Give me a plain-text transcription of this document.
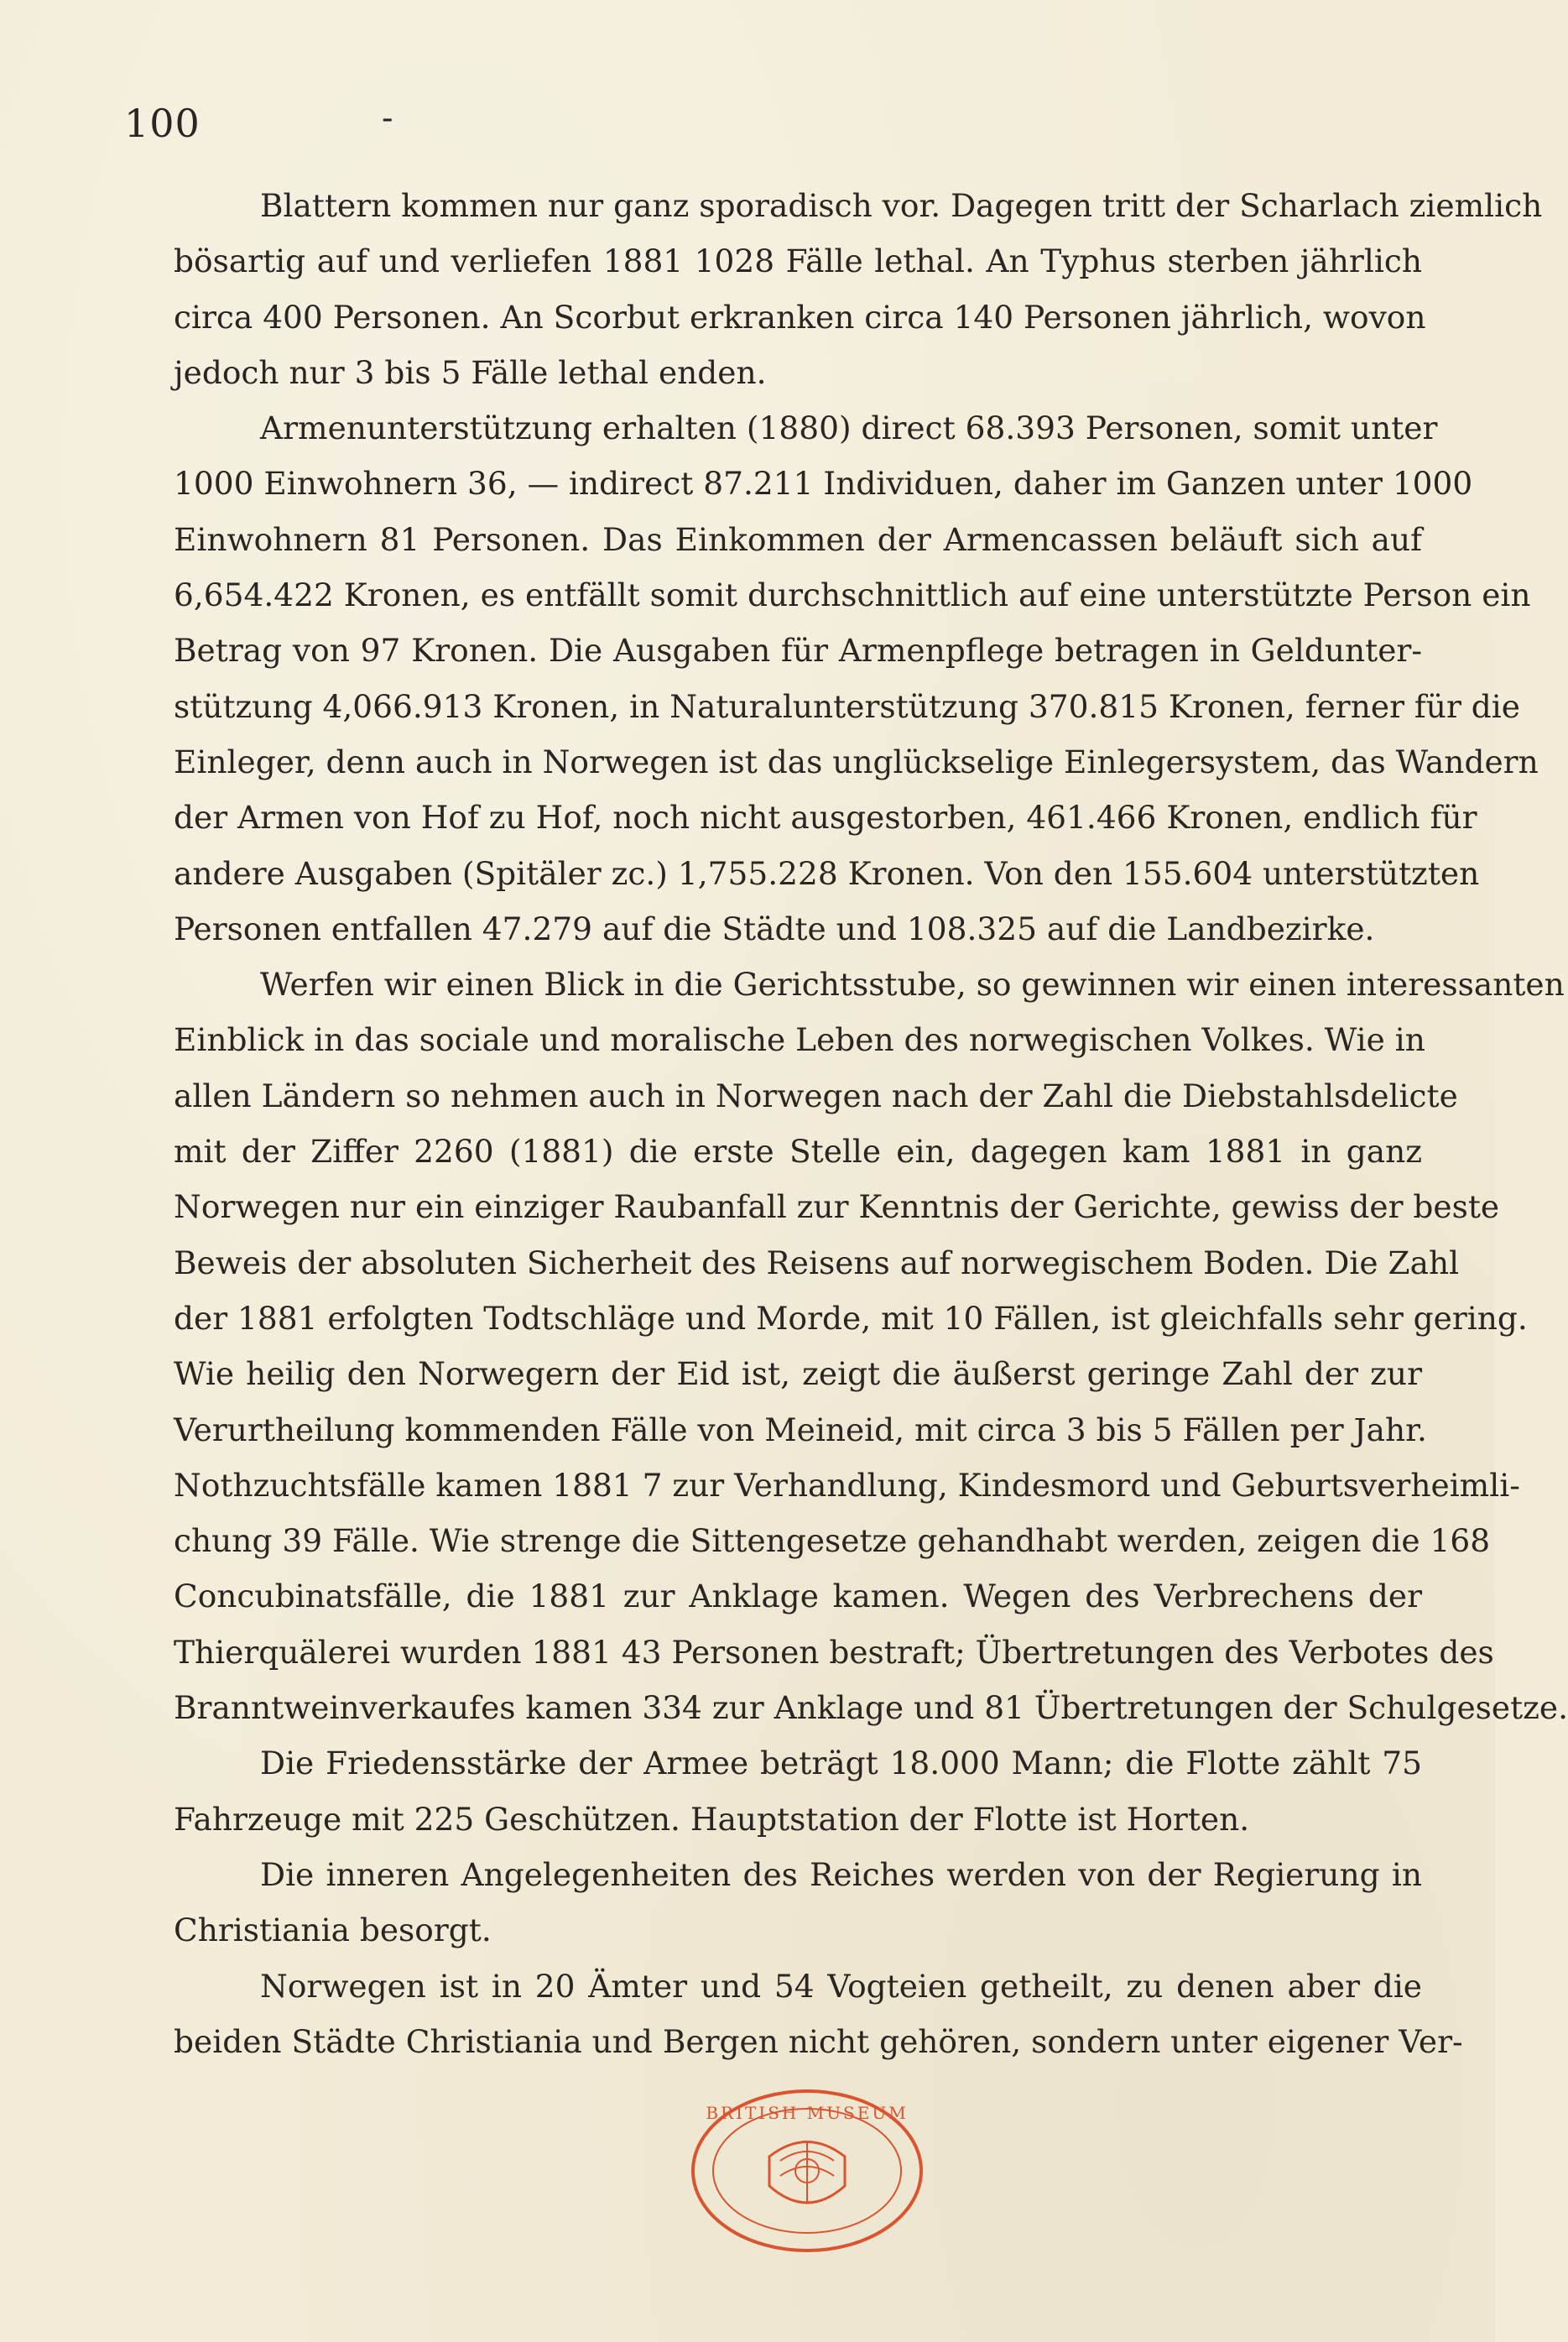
100	-
Blattern kommen nur ganz sporadisch vor. Dagegen tritt der Scharlach ziemlich
bösartig auf und verliefen 1881 1028 Fälle lethal. An Typhus sterben jährlich
circa 400 Personen. An Scorbut erkranken circa 140 Personen jährlich, wovon
jedoch nur 3 bis 5 Fälle lethal enden.
Armenunterstützung erhalten (1880) direct 68.393 Personen, somit unter
1000 Einwohnern 36, — indirect 87.211 Individuen, daher im Ganzen unter 1000
Einwohnern 81 Personen. Das Einkommen der Armencassen beläuft sich auf
6,654.422 Kronen, es entfällt somit durchschnittlich auf eine unterstützte Person ein
Betrag von 97 Kronen. Die Ausgaben für Armenpflege betragen in Geldunter-
stützung 4,066.913 Kronen, in Naturalunterstützung 370.815 Kronen, ferner für die
Einleger, denn auch in Norwegen ist das unglückselige Einlegersystem, das Wandern
der Armen von Hof zu Hof, noch nicht ausgestorben, 461.466 Kronen, endlich für
andere Ausgaben (Spitäler zc.) 1,755.228 Kronen. Von den 155.604 unterstützten
Personen entfallen 47.279 auf die Städte und 108.325 auf die Landbezirke.
Werfen wir einen Blick in die Gerichtsstube, so gewinnen wir einen interessanten
Einblick in das sociale und moralische Leben des norwegischen Volkes. Wie in
allen Ländern so nehmen auch in Norwegen nach der Zahl die Diebstahlsdelicte
mit der Ziffer 2260 (1881) die erste Stelle ein, dagegen kam 1881 in ganz
Norwegen nur ein einziger Raubanfall zur Kenntnis der Gerichte, gewiss der beste
Beweis der absoluten Sicherheit des Reisens auf norwegischem Boden. Die Zahl
der 1881 erfolgten Todtschläge und Morde, mit 10 Fällen, ist gleichfalls sehr gering.
Wie heilig den Norwegern der Eid ist, zeigt die äußerst geringe Zahl der zur
Verurtheilung kommenden Fälle von Meineid, mit circa 3 bis 5 Fällen per Jahr.
Nothzuchtsfälle kamen 1881 7 zur Verhandlung, Kindesmord und Geburtsverheimli-
chung 39 Fälle. Wie strenge die Sittengesetze gehandhabt werden, zeigen die 168
Concubinatsfälle, die 1881 zur Anklage kamen. Wegen des Verbrechens der
Thierquälerei wurden 1881 43 Personen bestraft; Übertretungen des Verbotes des
Branntweinverkaufes kamen 334 zur Anklage und 81 Übertretungen der Schulgesetze.
Die Friedensstärke der Armee beträgt 18.000 Mann; die Flotte zählt 75
Fahrzeuge mit 225 Geschützen. Hauptstation der Flotte ist Horten.
Die inneren Angelegenheiten des Reiches werden von der Regierung in
Christiania besorgt.
Norwegen ist in 20 Ämter und 54 Vogteien getheilt, zu denen aber die
beiden Städte Christiania und Bergen nicht gehören, sondern unter eigener Ver-
BRITISH MUSEUM
